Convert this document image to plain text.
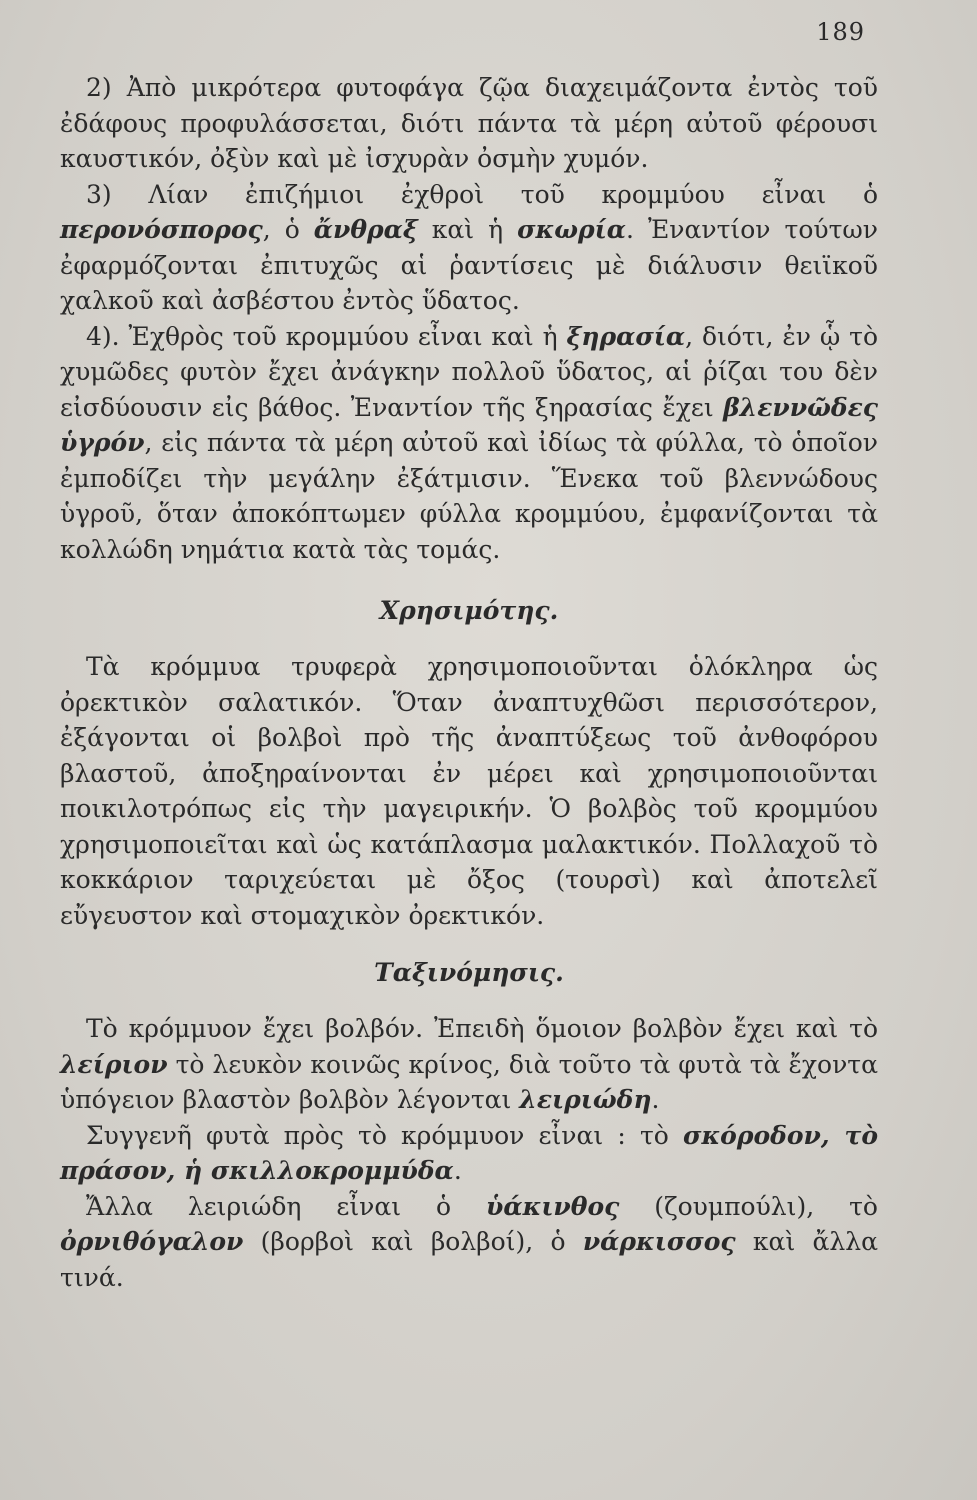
189

2) Ἀπὸ μικρότερα φυτοφάγα ζῷα διαχειμάζοντα ἐντὸς τοῦ ἐδάφους προφυλάσσεται, διότι πάντα τὰ μέρη αὐτοῦ φέρουσι καυστικόν, ὀξὺν καὶ μὲ ἰσχυρὰν ὀσμὴν χυμόν.

3) Λίαν ἐπιζήμιοι ἐχθροὶ τοῦ κρομμύου εἶναι ὁ περονόσπορος, ὁ ἄνθραξ καὶ ἡ σκωρία. Ἐναντίον τούτων ἐφαρμόζονται ἐπιτυχῶς αἱ ῥαντίσεις μὲ διάλυσιν θειϊκοῦ χαλκοῦ καὶ ἀσβέστου ἐντὸς ὕδατος.

4). Ἐχθρὸς τοῦ κρομμύου εἶναι καὶ ἡ ξηρασία, διότι, ἐν ᾧ τὸ χυμῶδες φυτὸν ἔχει ἀνάγκην πολλοῦ ὕδατος, αἱ ῥίζαι του δὲν εἰσδύουσιν εἰς βάθος. Ἐναντίον τῆς ξηρασίας ἔχει βλεννῶδες ὑγρόν, εἰς πάντα τὰ μέρη αὐτοῦ καὶ ἰδίως τὰ φύλλα, τὸ ὁποῖον ἐμποδίζει τὴν μεγάλην ἐξάτμισιν. Ἕνεκα τοῦ βλεννώδους ὑγροῦ, ὅταν ἀποκόπτωμεν φύλλα κρομμύου, ἐμφανίζονται τὰ κολλώδη νημάτια κατὰ τὰς τομάς.

Χρησιμότης.

Τὰ κρόμμυα τρυφερὰ χρησιμοποιοῦνται ὁλόκληρα ὡς ὀρεκτικὸν σαλατικόν. Ὅταν ἀναπτυχθῶσι περισσότερον, ἐξάγονται οἱ βολβοὶ πρὸ τῆς ἀναπτύξεως τοῦ ἀνθοφόρου βλαστοῦ, ἀποξηραίνονται ἐν μέρει καὶ χρησιμοποιοῦνται ποικιλοτρόπως εἰς τὴν μαγειρικήν. Ὁ βολβὸς τοῦ κρομμύου χρησιμοποιεῖται καὶ ὡς κατάπλασμα μαλακτικόν. Πολλαχοῦ τὸ κοκκάριον ταριχεύεται μὲ ὄξος (τουρσὶ) καὶ ἀποτελεῖ εὔγευστον καὶ στομαχικὸν ὀρεκτικόν.

Ταξινόμησις.

Τὸ κρόμμυον ἔχει βολβόν. Ἐπειδὴ ὅμοιον βολβὸν ἔχει καὶ τὸ λείριον τὸ λευκὸν κοινῶς κρίνος, διὰ τοῦτο τὰ φυτὰ τὰ ἔχοντα ὑπόγειον βλαστὸν βολβὸν λέγονται λειριώδη.

Συγγενῆ φυτὰ πρὸς τὸ κρόμμυον εἶναι : τὸ σκόροδον, τὸ πράσον, ἡ σκιλλοκρομμύδα.

Ἄλλα λειριώδη εἶναι ὁ ὑάκινθος (ζουμπούλι), τὸ ὀρνιθόγαλον (βορβοὶ καὶ βολβοί), ὁ νάρκισσος καὶ ἄλλα τινά.
